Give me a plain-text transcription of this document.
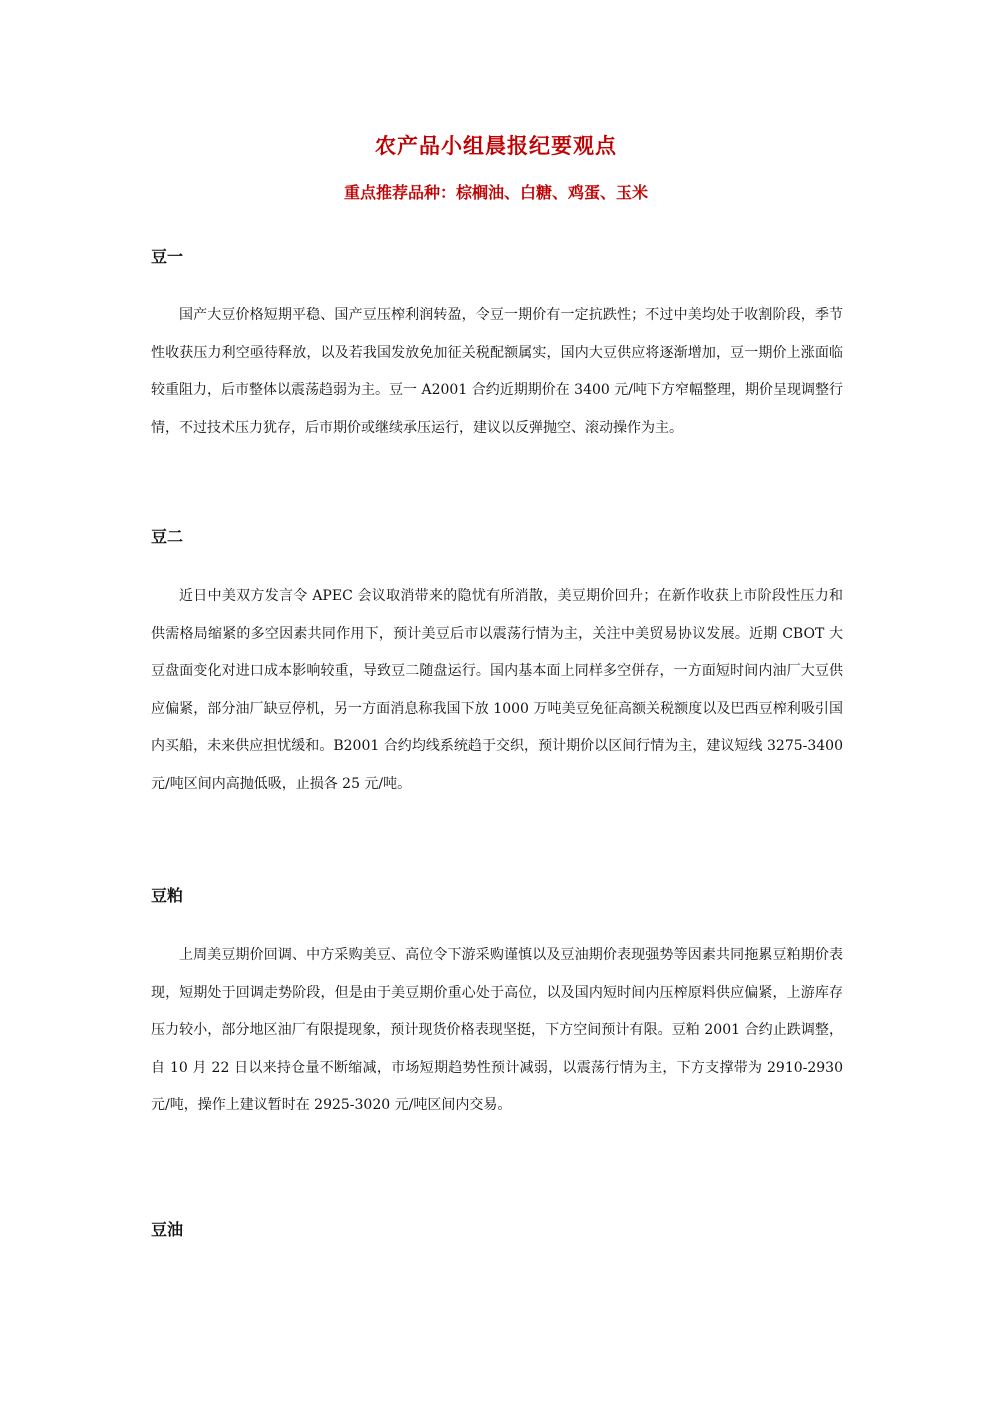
农产品小组晨报纪要观点
重点推荐品种：棕榈油、白糖、鸡蛋、玉米
豆一
国产大豆价格短期平稳、国产豆压榨利润转盈，令豆一期价有一定抗跌性；不过中美均处于收割阶段，季节性收获压力利空亟待释放，以及若我国发放免加征关税配额属实，国内大豆供应将逐渐增加，豆一期价上涨面临较重阻力，后市整体以震荡趋弱为主。豆一 A2001 合约近期期价在 3400 元/吨下方窄幅整理，期价呈现调整行情，不过技术压力犹存，后市期价或继续承压运行，建议以反弹抛空、滚动操作为主。
豆二
近日中美双方发言令 APEC 会议取消带来的隐忧有所消散，美豆期价回升；在新作收获上市阶段性压力和供需格局缩紧的多空因素共同作用下，预计美豆后市以震荡行情为主，关注中美贸易协议发展。近期 CBOT 大豆盘面变化对进口成本影响较重，导致豆二随盘运行。国内基本面上同样多空併存，一方面短时间内油厂大豆供应偏紧，部分油厂缺豆停机，另一方面消息称我国下放 1000 万吨美豆免征高额关税额度以及巴西豆榨利吸引国内买船，未来供应担忧缓和。B2001 合约均线系统趋于交织，预计期价以区间行情为主，建议短线 3275-3400 元/吨区间内高抛低吸，止损各 25 元/吨。
豆粕
上周美豆期价回调、中方采购美豆、高位令下游采购谨慎以及豆油期价表现强势等因素共同拖累豆粕期价表现，短期处于回调走势阶段，但是由于美豆期价重心处于高位，以及国内短时间内压榨原料供应偏紧，上游库存压力较小，部分地区油厂有限提现象，预计现货价格表现坚挺，下方空间预计有限。豆粕 2001 合约止跌调整，自 10 月 22 日以来持仓量不断缩减，市场短期趋势性预计减弱，以震荡行情为主，下方支撑带为 2910-2930 元/吨，操作上建议暂时在 2925-3020 元/吨区间内交易。
豆油
